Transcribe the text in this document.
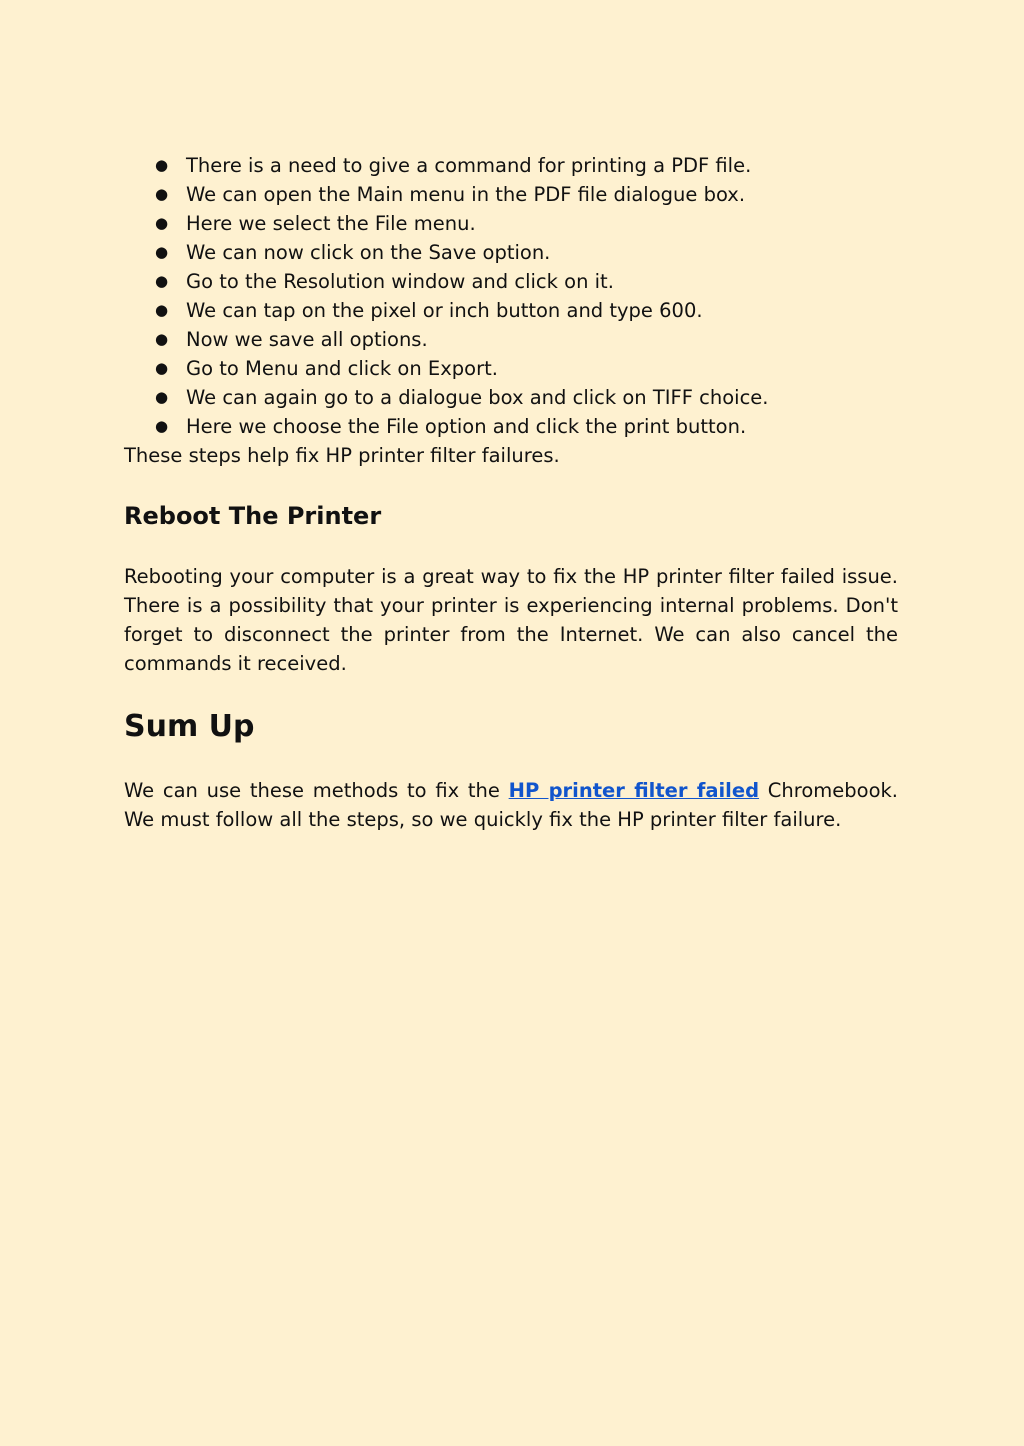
● There is a need to give a command for printing a PDF file.
● We can open the Main menu in the PDF file dialogue box.
● Here we select the File menu.
● We can now click on the Save option.
● Go to the Resolution window and click on it.
● We can tap on the pixel or inch button and type 600.
● Now we save all options.
● Go to Menu and click on Export.
● We can again go to a dialogue box and click on TIFF choice.
● Here we choose the File option and click the print button.

These steps help fix HP printer filter failures.

Reboot The Printer

Rebooting your computer is a great way to fix the HP printer filter failed issue. There is a possibility that your printer is experiencing internal problems. Don't forget to disconnect the printer from the Internet. We can also cancel the commands it received.

Sum Up

We can use these methods to fix the HP printer filter failed Chromebook. We must follow all the steps, so we quickly fix the HP printer filter failure.
